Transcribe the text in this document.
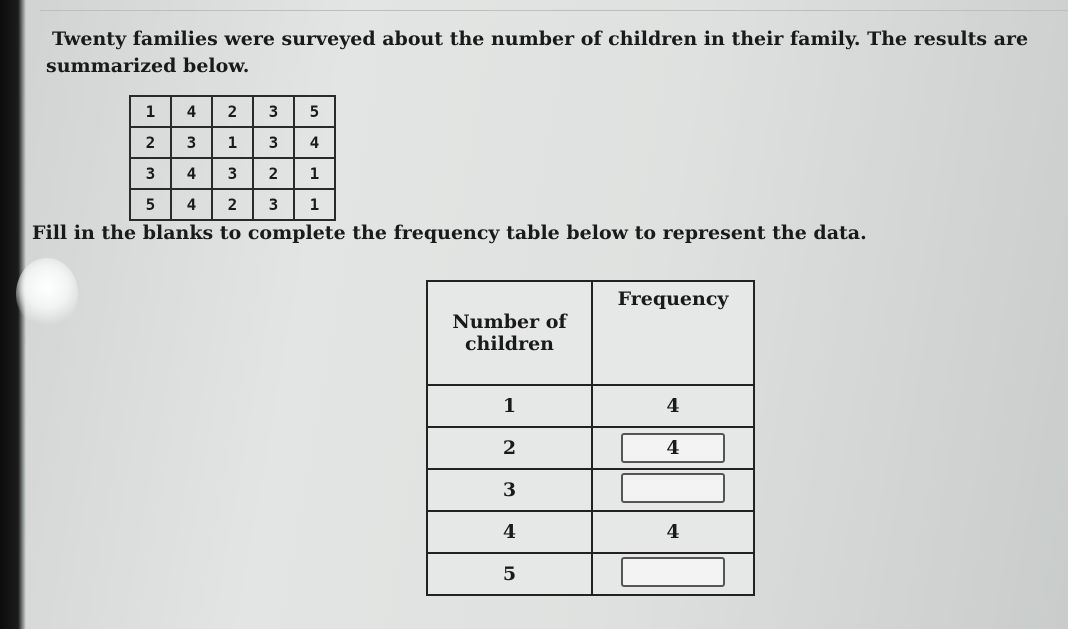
Twenty families were surveyed about the number of children in their family. The results are
summarized below.

1	4	2	3	5
2	3	1	3	4
3	4	3	2	1
5	4	2	3	1

Fill in the blanks to complete the frequency table below to represent the data.

Number of children	Frequency
1	4
2	4
3	
4	4
5	
